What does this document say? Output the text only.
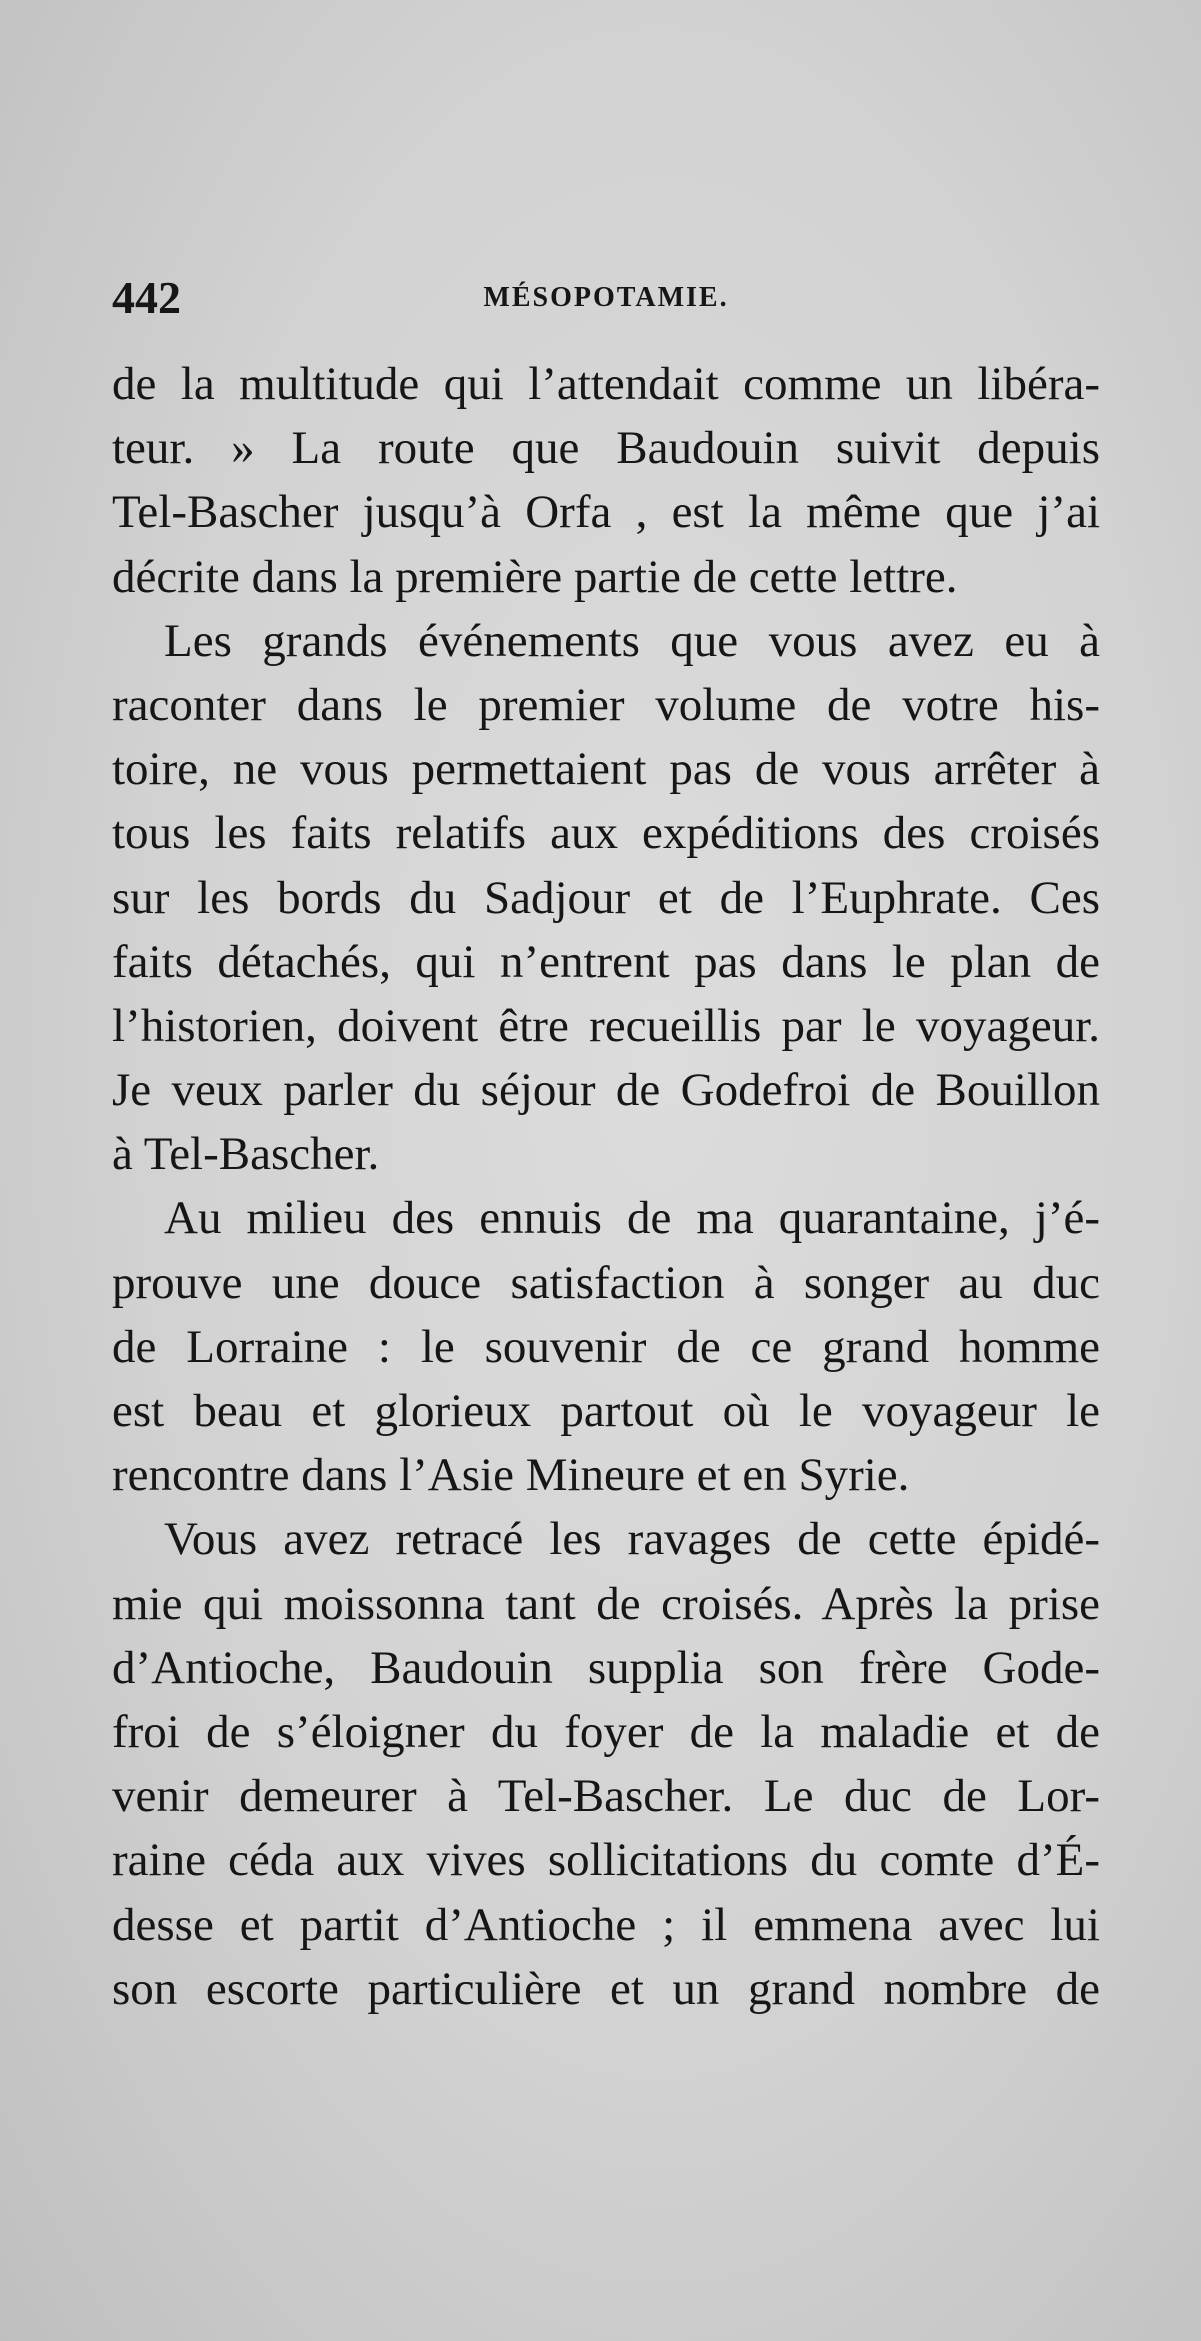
442	MÉSOPOTAMIE.
de la multitude qui l’attendait comme un libéra-
teur. » La route que Baudouin suivit depuis
Tel-Bascher jusqu’à Orfa , est la même que j’ai
décrite dans la première partie de cette lettre.
Les grands événements que vous avez eu à
raconter dans le premier volume de votre his-
toire, ne vous permettaient pas de vous arrêter à
tous les faits relatifs aux expéditions des croisés
sur les bords du Sadjour et de l’Euphrate. Ces
faits détachés, qui n’entrent pas dans le plan de
l’historien, doivent être recueillis par le voyageur.
Je veux parler du séjour de Godefroi de Bouillon
à Tel-Bascher.
Au milieu des ennuis de ma quarantaine, j’é-
prouve une douce satisfaction à songer au duc
de Lorraine : le souvenir de ce grand homme
est beau et glorieux partout où le voyageur le
rencontre dans l’Asie Mineure et en Syrie.
Vous avez retracé les ravages de cette épidé-
mie qui moissonna tant de croisés. Après la prise
d’Antioche, Baudouin supplia son frère Gode-
froi de s’éloigner du foyer de la maladie et de
venir demeurer à Tel-Bascher. Le duc de Lor-
raine céda aux vives sollicitations du comte d’É-
desse et partit d’Antioche ; il emmena avec lui
son escorte particulière et un grand nombre de
